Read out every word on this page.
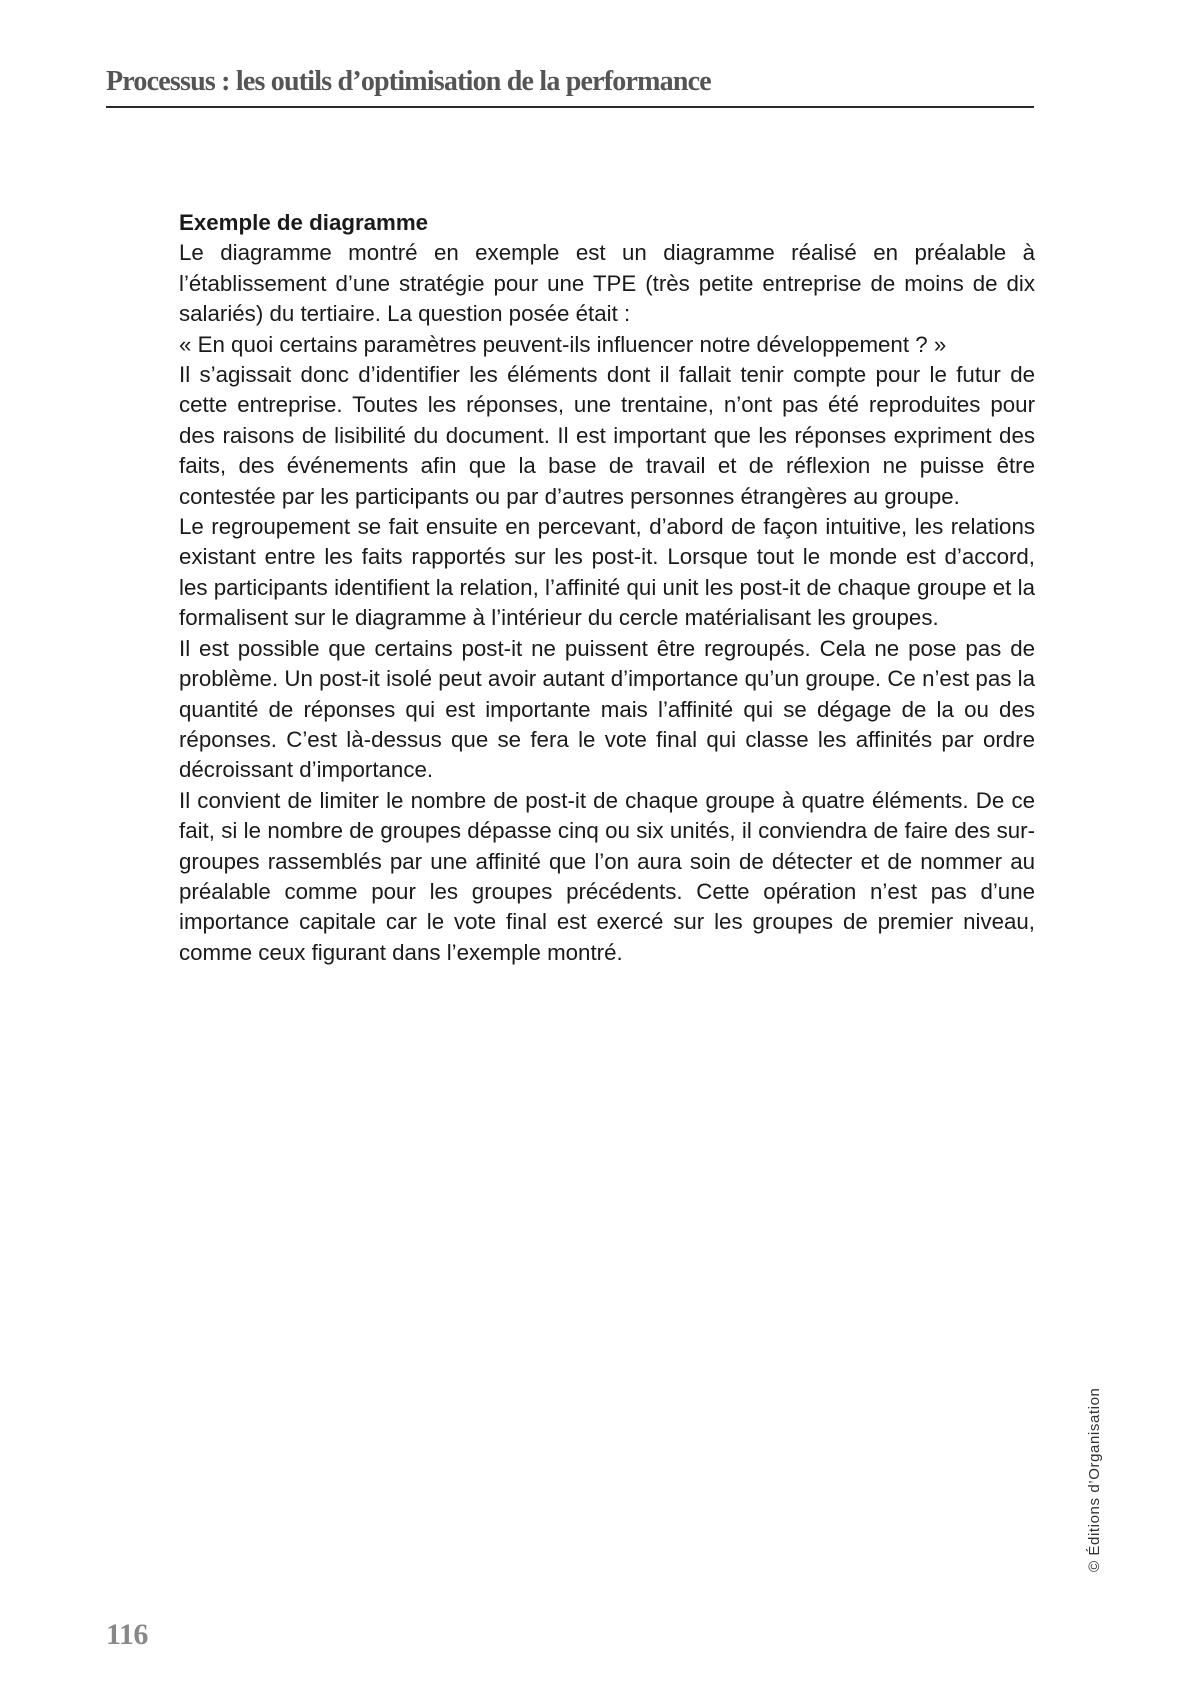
Processus : les outils d’optimisation de la performance

Exemple de diagramme

Le diagramme montré en exemple est un diagramme réalisé en préalable à l’établissement d’une stratégie pour une TPE (très petite entreprise de moins de dix salariés) du tertiaire. La question posée était :

« En quoi certains paramètres peuvent-ils influencer notre développement ? »

Il s’agissait donc d’identifier les éléments dont il fallait tenir compte pour le futur de cette entreprise. Toutes les réponses, une trentaine, n’ont pas été reproduites pour des raisons de lisibilité du document. Il est important que les réponses expriment des faits, des événements afin que la base de travail et de réflexion ne puisse être contestée par les participants ou par d’autres personnes étrangères au groupe.

Le regroupement se fait ensuite en percevant, d’abord de façon intuitive, les relations existant entre les faits rapportés sur les post-it. Lorsque tout le monde est d’accord, les participants identifient la relation, l’affinité qui unit les post-it de chaque groupe et la formalisent sur le diagramme à l’intérieur du cercle matérialisant les groupes.

Il est possible que certains post-it ne puissent être regroupés. Cela ne pose pas de problème. Un post-it isolé peut avoir autant d’importance qu’un groupe. Ce n’est pas la quantité de réponses qui est importante mais l’affinité qui se dégage de la ou des réponses. C’est là-dessus que se fera le vote final qui classe les affinités par ordre décroissant d’importance.

Il convient de limiter le nombre de post-it de chaque groupe à quatre éléments. De ce fait, si le nombre de groupes dépasse cinq ou six unités, il conviendra de faire des sur-groupes rassemblés par une affinité que l’on aura soin de détecter et de nommer au préalable comme pour les groupes précédents. Cette opération n’est pas d’une importance capitale car le vote final est exercé sur les groupes de premier niveau, comme ceux figurant dans l’exemple montré.

© Éditions d’Organisation
116
